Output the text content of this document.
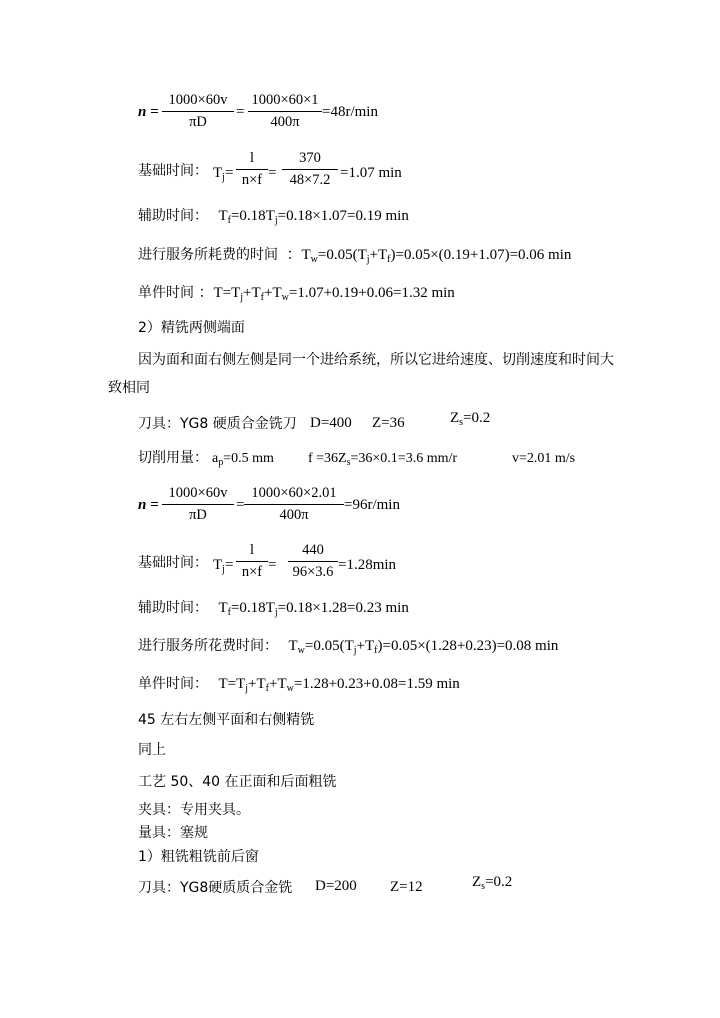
$n = \frac{1000\times 60v}{\pi D} = \frac{1000\times 60\times 1}{400\pi} =48r/\min$
基础时间： $T_j= \frac{l}{n\times f} = \frac{370}{48\times 7.2} =1.07$ min
辅助时间： $T_f=0.18T_j=0.18\times 1.07=0.19$ min
进行服务所耗费的时间 ：$T_w=0.05(T_j+T_f)=0.05\times(0.19+1.07)=0.06$ min
单件时间 ：$T=T_j+T_f+T_w=1.07+0.19+0.06=1.32$ min
2）精铣两侧端面
因为面和面右侧左侧是同一个进给系统，所以它进给速度、切削速度和时间大
致相同
刀具：YG8 硬质合金铣刀 D=400 Z=36	$Z_s=0.2$
切削用量： $a_p=0.5$ mm $f =36Z_s=36\times 0.1=3.6$ mm/r	v=2.01 m/s
$n = \frac{1000\times 60v}{\pi D} = \frac{1000\times 60\times 2.01}{400\pi} =96r/\min$
基础时间： $T_j= \frac{l}{n\times f} = \frac{440}{96\times 3.6} =1.28\min$
辅助时间： $T_f=0.18T_j=0.18\times 1.28=0.23$ min
进行服务所花费时间： $T_w=0.05(T_j+T_f)=0.05\times(1.28+0.23)=0.08$ min
单件时间： $T=T_j+T_f+T_w=1.28+0.23+0.08=1.59$ min
45 左右左侧平面和右侧精铣
同上
工艺 50、40 在正面和后面粗铣
夹具：专用夹具。
量具：塞规
1）粗铣粗铣前后窗
刀具：YG8硬质质合金铣 D=200 Z=12	$Z_s=0.2$
